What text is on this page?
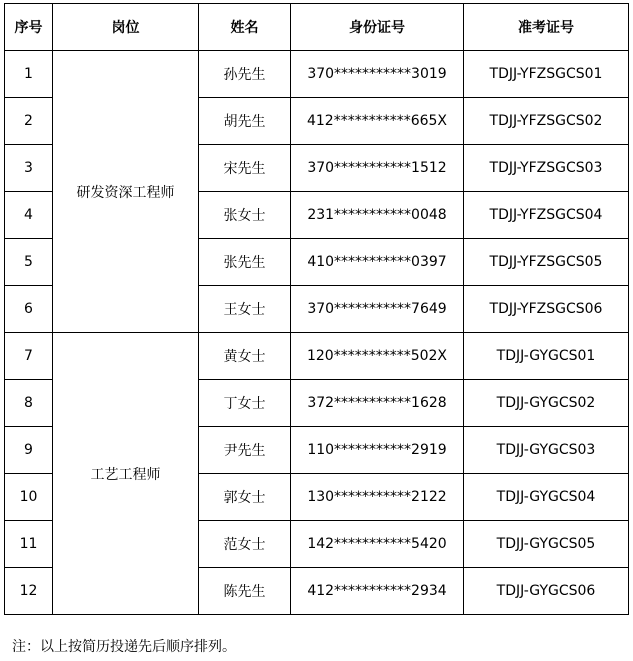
序号	岗位	姓名	身份证号	准考证号
1	研发资深工程师	孙先生	370***********3019	TDJJ-YFZSGCS01
2		胡先生	412***********665X	TDJJ-YFZSGCS02
3		宋先生	370***********1512	TDJJ-YFZSGCS03
4		张女士	231***********0048	TDJJ-YFZSGCS04
5		张先生	410***********0397	TDJJ-YFZSGCS05
6		王女士	370***********7649	TDJJ-YFZSGCS06
7	工艺工程师	黄女士	120***********502X	TDJJ-GYGCS01
8		丁女士	372***********1628	TDJJ-GYGCS02
9		尹先生	110***********2919	TDJJ-GYGCS03
10		郭女士	130***********2122	TDJJ-GYGCS04
11		范女士	142***********5420	TDJJ-GYGCS05
12		陈先生	412***********2934	TDJJ-GYGCS06
注：以上按简历投递先后顺序排列。
